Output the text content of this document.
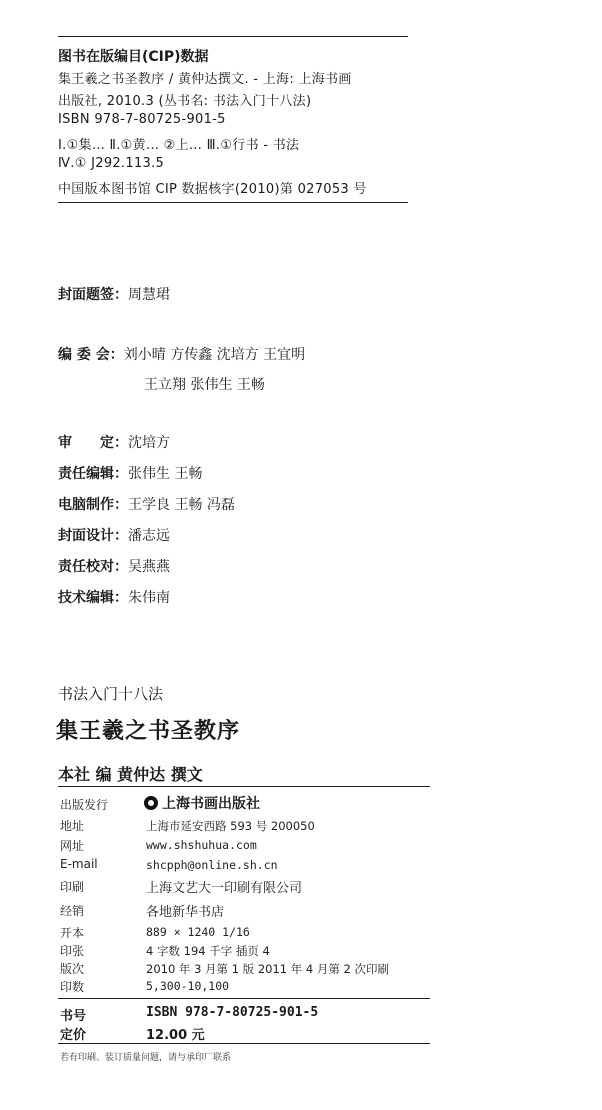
图书在版编目(CIP)数据
集王羲之书圣教序 / 黄仲达撰文. - 上海: 上海书画
出版社, 2010.3 (丛书名: 书法入门十八法)
ISBN 978-7-80725-901-5
Ⅰ.①集… Ⅱ.①黄… ②上… Ⅲ.①行书 - 书法
Ⅳ.① J292.113.5
中国版本图书馆 CIP 数据核字(2010)第 027053 号
封面题签：周慧珺
编 委 会：刘小晴 方传鑫 沈培方 王宜明
王立翔 张伟生 王畅
审　　定：沈培方
责任编辑：张伟生 王畅
电脑制作：王学良 王畅 冯磊
封面设计：潘志远
责任校对：吴燕燕
技术编辑：朱伟南
书法入门十八法
集王羲之书圣教序
本社 编 黄仲达 撰文
出版发行	上海书画出版社
地址	上海市延安西路 593 号 200050
网址	www.shshuhua.com
E-mail	shcpph@online.sh.cn
印刷	上海文艺大一印刷有限公司
经销	各地新华书店
开本	889 × 1240 1/16
印张	4 字数 194 千字 插页 4
版次	2010 年 3 月第 1 版 2011 年 4 月第 2 次印刷
印数	5,300-10,100
书号	ISBN 978-7-80725-901-5
定价	12.00 元
若有印刷、装订质量问题，请与承印厂联系
